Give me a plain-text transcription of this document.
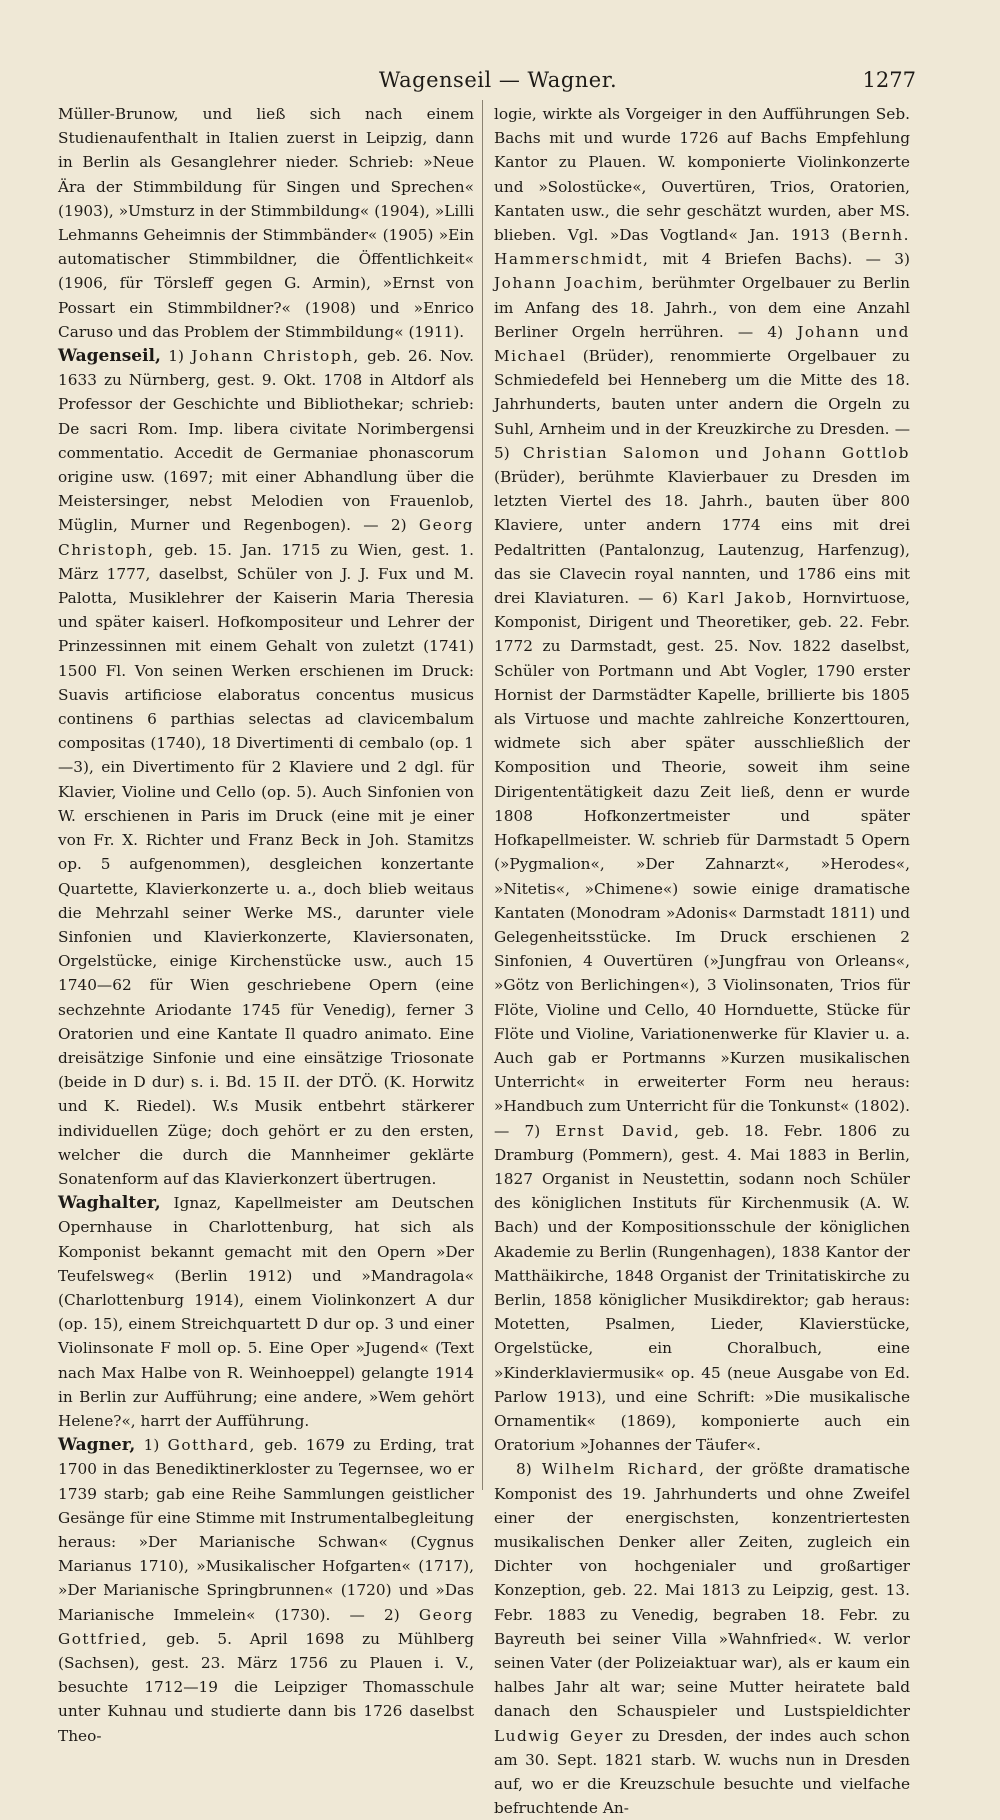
Wagenseil — Wagner.	1277

Müller-Brunow, und ließ sich nach einem Studienaufenthalt in Italien zuerst in Leipzig, dann in Berlin als Gesanglehrer nieder. Schrieb: »Neue Ära der Stimmbildung für Singen und Sprechen« (1903), »Umsturz in der Stimmbildung« (1904), »Lilli Lehmanns Geheimnis der Stimmbänder« (1905) »Ein automatischer Stimmbildner, die Öffentlichkeit« (1906, für Törsleff gegen G. Armin), »Ernst von Possart ein Stimmbildner?« (1908) und »Enrico Caruso und das Problem der Stimmbildung« (1911).

Wagenseil, 1) Johann Christoph, geb. 26. Nov. 1633 zu Nürnberg, gest. 9. Okt. 1708 in Altdorf als Professor der Geschichte und Bibliothekar; schrieb: De sacri Rom. Imp. libera civitate Norimbergensi commentatio. Accedit de Germaniae phonascorum origine usw. (1697; mit einer Abhandlung über die Meistersinger, nebst Melodien von Frauenlob, Müglin, Murner und Regenbogen). — 2) Georg Christoph, geb. 15. Jan. 1715 zu Wien, gest. 1. März 1777, daselbst, Schüler von J. J. Fux und M. Palotta, Musiklehrer der Kaiserin Maria Theresia und später kaiserl. Hofkompositeur und Lehrer der Prinzessinnen mit einem Gehalt von zuletzt (1741) 1500 Fl. Von seinen Werken erschienen im Druck: Suavis artificiose elaboratus concentus musicus continens 6 parthias selectas ad clavicembalum compositas (1740), 18 Divertimenti di cembalo (op. 1—3), ein Divertimento für 2 Klaviere und 2 dgl. für Klavier, Violine und Cello (op. 5). Auch Sinfonien von W. erschienen in Paris im Druck (eine mit je einer von Fr. X. Richter und Franz Beck in Joh. Stamitzs op. 5 aufgenommen), desgleichen konzertante Quartette, Klavierkonzerte u. a., doch blieb weitaus die Mehrzahl seiner Werke MS., darunter viele Sinfonien und Klavierkonzerte, Klaviersonaten, Orgelstücke, einige Kirchenstücke usw., auch 15 1740—62 für Wien geschriebene Opern (eine sechzehnte Ariodante 1745 für Venedig), ferner 3 Oratorien und eine Kantate Il quadro animato. Eine dreisätzige Sinfonie und eine einsätzige Triosonate (beide in D dur) s. i. Bd. 15 II. der DTÖ. (K. Horwitz und K. Riedel). W.s Musik entbehrt stärkerer individuellen Züge; doch gehört er zu den ersten, welcher die durch die Mannheimer geklärte Sonatenform auf das Klavierkonzert übertrugen.

Waghalter, Ignaz, Kapellmeister am Deutschen Opernhause in Charlottenburg, hat sich als Komponist bekannt gemacht mit den Opern »Der Teufelsweg« (Berlin 1912) und »Mandragola« (Charlottenburg 1914), einem Violinkonzert A dur (op. 15), einem Streichquartett D dur op. 3 und einer Violinsonate F moll op. 5. Eine Oper »Jugend« (Text nach Max Halbe von R. Weinhoeppel) gelangte 1914 in Berlin zur Aufführung; eine andere, »Wem gehört Helene?«, harrt der Aufführung.

Wagner, 1) Gotthard, geb. 1679 zu Erding, trat 1700 in das Benediktinerkloster zu Tegernsee, wo er 1739 starb; gab eine Reihe Sammlungen geistlicher Gesänge für eine Stimme mit Instrumentalbegleitung heraus: »Der Marianische Schwan« (Cygnus Marianus 1710), »Musikalischer Hofgarten« (1717), »Der Marianische Springbrunnen« (1720) und »Das Marianische Immelein« (1730). — 2) Georg Gottfried, geb. 5. April 1698 zu Mühlberg (Sachsen), gest. 23. März 1756 zu Plauen i. V., besuchte 1712—19 die Leipziger Thomasschule unter Kuhnau und studierte dann bis 1726 daselbst Theo-

logie, wirkte als Vorgeiger in den Aufführungen Seb. Bachs mit und wurde 1726 auf Bachs Empfehlung Kantor zu Plauen. W. komponierte Violinkonzerte und »Solostücke«, Ouvertüren, Trios, Oratorien, Kantaten usw., die sehr geschätzt wurden, aber MS. blieben. Vgl. »Das Vogtland« Jan. 1913 (Bernh. Hammerschmidt, mit 4 Briefen Bachs). — 3) Johann Joachim, berühmter Orgelbauer zu Berlin im Anfang des 18. Jahrh., von dem eine Anzahl Berliner Orgeln herrühren. — 4) Johann und Michael (Brüder), renommierte Orgelbauer zu Schmiedefeld bei Henneberg um die Mitte des 18. Jahrhunderts, bauten unter andern die Orgeln zu Suhl, Arnheim und in der Kreuzkirche zu Dresden. — 5) Christian Salomon und Johann Gottlob (Brüder), berühmte Klavierbauer zu Dresden im letzten Viertel des 18. Jahrh., bauten über 800 Klaviere, unter andern 1774 eins mit drei Pedaltritten (Pantalonzug, Lautenzug, Harfenzug), das sie Clavecin royal nannten, und 1786 eins mit drei Klaviaturen. — 6) Karl Jakob, Hornvirtuose, Komponist, Dirigent und Theoretiker, geb. 22. Febr. 1772 zu Darmstadt, gest. 25. Nov. 1822 daselbst, Schüler von Portmann und Abt Vogler, 1790 erster Hornist der Darmstädter Kapelle, brillierte bis 1805 als Virtuose und machte zahlreiche Konzerttouren, widmete sich aber später ausschließlich der Komposition und Theorie, soweit ihm seine Dirigententätigkeit dazu Zeit ließ, denn er wurde 1808 Hofkonzertmeister und später Hofkapellmeister. W. schrieb für Darmstadt 5 Opern (»Pygmalion«, »Der Zahnarzt«, »Herodes«, »Nitetis«, »Chimene«) sowie einige dramatische Kantaten (Monodram »Adonis« Darmstadt 1811) und Gelegenheitsstücke. Im Druck erschienen 2 Sinfonien, 4 Ouvertüren (»Jungfrau von Orleans«, »Götz von Berlichingen«), 3 Violinsonaten, Trios für Flöte, Violine und Cello, 40 Hornduette, Stücke für Flöte und Violine, Variationenwerke für Klavier u. a. Auch gab er Portmanns »Kurzen musikalischen Unterricht« in erweiterter Form neu heraus: »Handbuch zum Unterricht für die Tonkunst« (1802). — 7) Ernst David, geb. 18. Febr. 1806 zu Dramburg (Pommern), gest. 4. Mai 1883 in Berlin, 1827 Organist in Neustettin, sodann noch Schüler des königlichen Instituts für Kirchenmusik (A. W. Bach) und der Kompositionsschule der königlichen Akademie zu Berlin (Rungenhagen), 1838 Kantor der Matthäikirche, 1848 Organist der Trinitatiskirche zu Berlin, 1858 königlicher Musikdirektor; gab heraus: Motetten, Psalmen, Lieder, Klavierstücke, Orgelstücke, ein Choralbuch, eine »Kinderklaviermusik« op. 45 (neue Ausgabe von Ed. Parlow 1913), und eine Schrift: »Die musikalische Ornamentik« (1869), komponierte auch ein Oratorium »Johannes der Täufer«.

8) Wilhelm Richard, der größte dramatische Komponist des 19. Jahrhunderts und ohne Zweifel einer der energischsten, konzentriertesten musikalischen Denker aller Zeiten, zugleich ein Dichter von hochgenialer und großartiger Konzeption, geb. 22. Mai 1813 zu Leipzig, gest. 13. Febr. 1883 zu Venedig, begraben 18. Febr. zu Bayreuth bei seiner Villa »Wahnfried«. W. verlor seinen Vater (der Polizeiaktuar war), als er kaum ein halbes Jahr alt war; seine Mutter heiratete bald danach den Schauspieler und Lustspieldichter Ludwig Geyer zu Dresden, der indes auch schon am 30. Sept. 1821 starb. W. wuchs nun in Dresden auf, wo er die Kreuzschule besuchte und vielfache befruchtende An-
